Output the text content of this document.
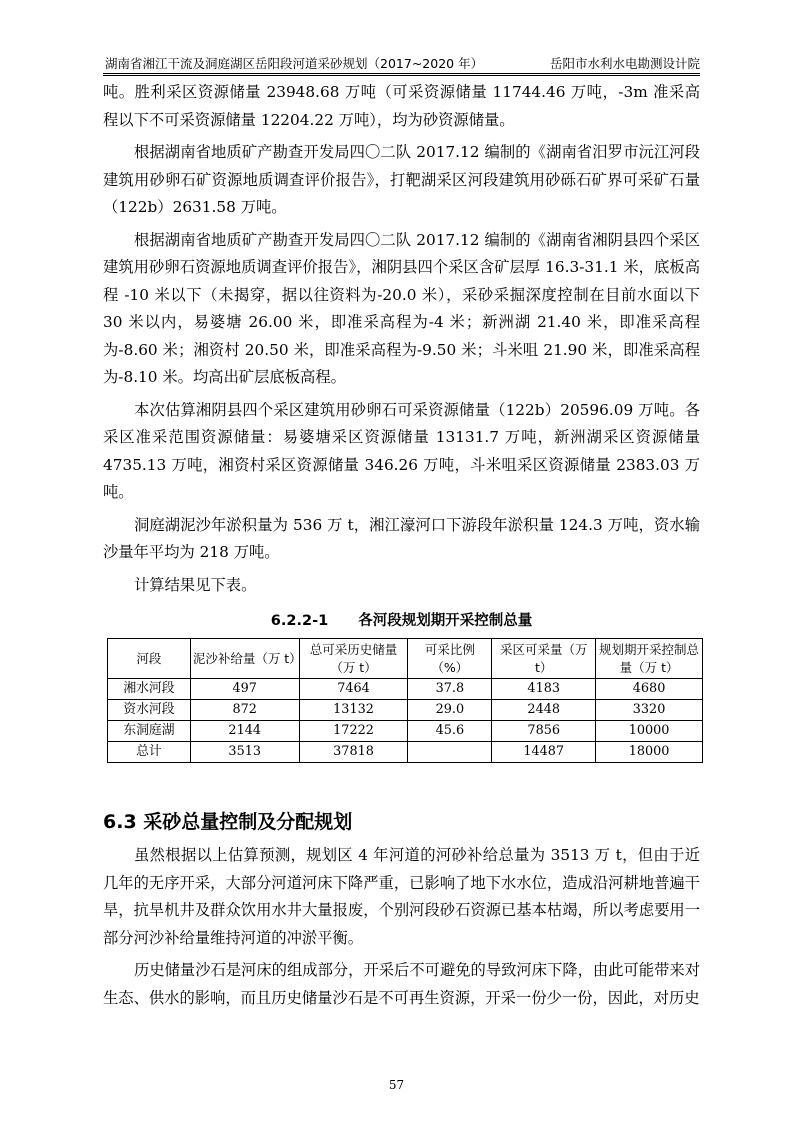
湖南省湘江干流及洞庭湖区岳阳段河道采砂规划（2017~2020 年）	岳阳市水利水电勘测设计院

吨。胜利采区资源储量 23948.68 万吨（可采资源储量 11744.46 万吨，-3m 准采高程以下不可采资源储量 12204.22 万吨），均为砂资源储量。

根据湖南省地质矿产勘查开发局四〇二队 2017.12 编制的《湖南省汨罗市沅江河段建筑用砂卵石矿资源地质调查评价报告》，打靶湖采区河段建筑用砂砾石矿界可采矿石量（122b）2631.58 万吨。

根据湖南省地质矿产勘查开发局四〇二队 2017.12 编制的《湖南省湘阴县四个采区建筑用砂卵石资源地质调查评价报告》，湘阴县四个采区含矿层厚 16.3-31.1 米，底板高程 -10 米以下（未揭穿，据以往资料为-20.0 米），采砂采掘深度控制在目前水面以下 30 米以内，易婆塘 26.00 米，即准采高程为-4 米；新洲湖 21.40 米，即准采高程为-8.60 米；湘资村 20.50 米，即准采高程为-9.50 米；斗米咀 21.90 米，即准采高程为-8.10 米。均高出矿层底板高程。

本次估算湘阴县四个采区建筑用砂卵石可采资源储量（122b）20596.09 万吨。各采区准采范围资源储量：易婆塘采区资源储量 13131.7 万吨，新洲湖采区资源储量 4735.13 万吨，湘资村采区资源储量 346.26 万吨，斗米咀采区资源储量 2383.03 万吨。

洞庭湖泥沙年淤积量为 536 万 t，湘江濠河口下游段年淤积量 124.3 万吨，资水输沙量年平均为 218 万吨。

计算结果见下表。

6.2.2-1 各河段规划期开采控制总量
河段	泥沙补给量（万 t）	总可采历史储量（万 t）	可采比例（%）	采区可采量（万 t）	规划期开采控制总量（万 t）
湘水河段	497	7464	37.8	4183	4680
资水河段	872	13132	29.0	2448	3320
东洞庭湖	2144	17222	45.6	7856	10000
总计	3513	37818		14487	18000
6.3 采砂总量控制及分配规划

虽然根据以上估算预测，规划区 4 年河道的河砂补给总量为 3513 万 t，但由于近几年的无序开采，大部分河道河床下降严重，已影响了地下水水位，造成沿河耕地普遍干旱，抗旱机井及群众饮用水井大量报废，个别河段砂石资源已基本枯竭，所以考虑要用一部分河沙补给量维持河道的冲淤平衡。

历史储量沙石是河床的组成部分，开采后不可避免的导致河床下降，由此可能带来对生态、供水的影响，而且历史储量沙石是不可再生资源，开采一份少一份，因此，对历史

57
